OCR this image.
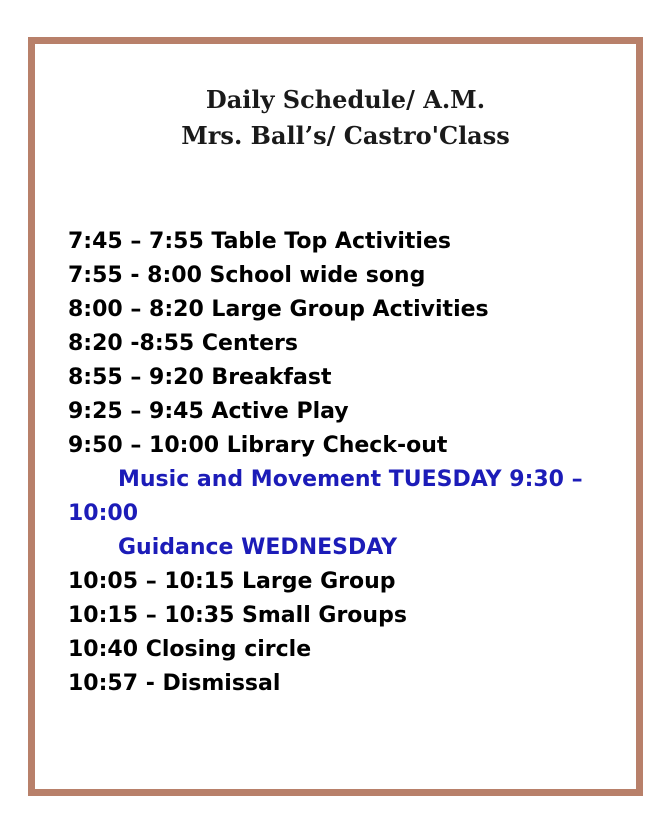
Daily Schedule/ A.M.
Mrs. Ball’s/ Castro'Class
7:45 – 7:55 Table Top Activities
7:55 - 8:00 School wide song
8:00 – 8:20 Large Group Activities
8:20 -8:55 Centers
8:55 – 9:20 Breakfast
9:25 – 9:45 Active Play
9:50 – 10:00 Library Check-out
Music and Movement TUESDAY 9:30 –
10:00
Guidance WEDNESDAY
10:05 – 10:15 Large Group
10:15 – 10:35 Small Groups
10:40 Closing circle
10:57 - Dismissal
